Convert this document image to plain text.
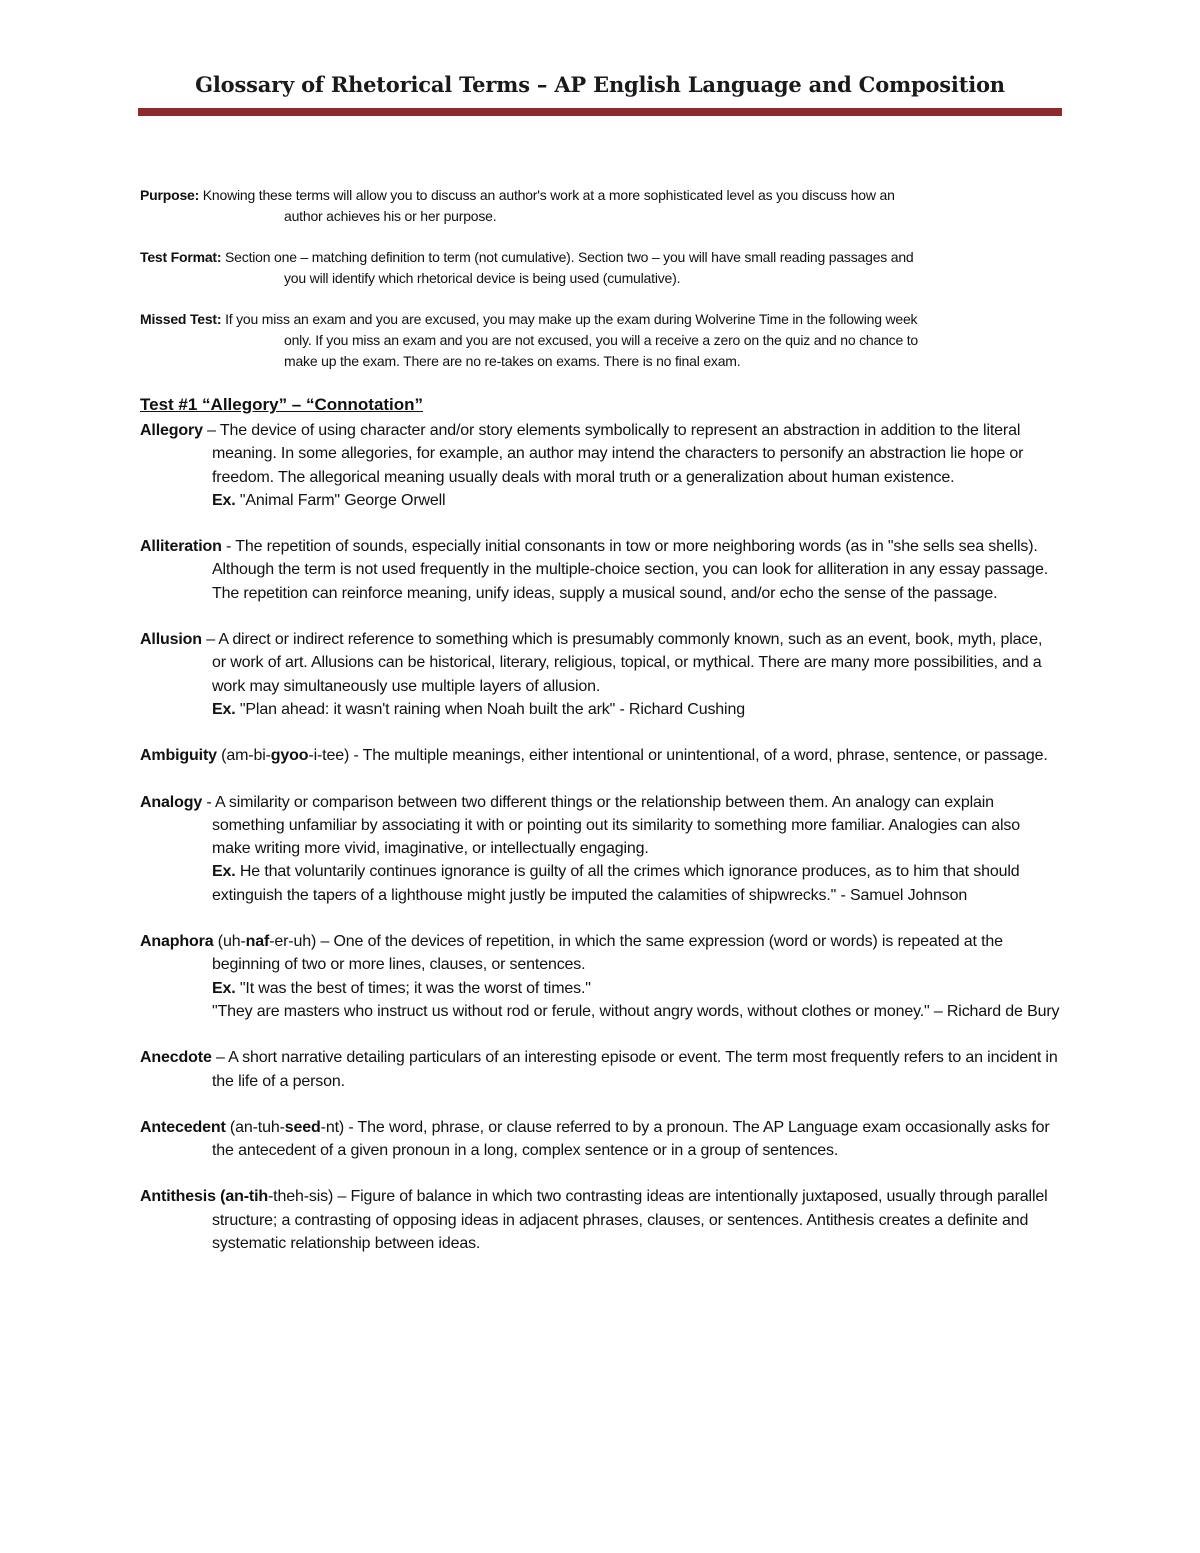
Glossary of Rhetorical Terms – AP English Language and Composition
Purpose: Knowing these terms will allow you to discuss an author's work at a more sophisticated level as you discuss how an
author achieves his or her purpose.
Test Format: Section one – matching definition to term (not cumulative). Section two – you will have small reading passages and
you will identify which rhetorical device is being used (cumulative).
Missed Test: If you miss an exam and you are excused, you may make up the exam during Wolverine Time in the following week
only. If you miss an exam and you are not excused, you will a receive a zero on the quiz and no chance to
make up the exam. There are no re-takes on exams. There is no final exam.
Test #1 “Allegory” – “Connotation”
Allegory – The device of using character and/or story elements symbolically to represent an abstraction in addition to the literal meaning. In some allegories, for example, an author may intend the characters to personify an abstraction lie hope or freedom. The allegorical meaning usually deals with moral truth or a generalization about human existence.
Ex. "Animal Farm" George Orwell
Alliteration - The repetition of sounds, especially initial consonants in tow or more neighboring words (as in "she sells sea shells). Although the term is not used frequently in the multiple-choice section, you can look for alliteration in any essay passage. The repetition can reinforce meaning, unify ideas, supply a musical sound, and/or echo the sense of the passage.
Allusion – A direct or indirect reference to something which is presumably commonly known, such as an event, book, myth, place, or work of art. Allusions can be historical, literary, religious, topical, or mythical. There are many more possibilities, and a work may simultaneously use multiple layers of allusion.
Ex. "Plan ahead: it wasn't raining when Noah built the ark" - Richard Cushing
Ambiguity (am-bi-gyoo-i-tee) - The multiple meanings, either intentional or unintentional, of a word, phrase, sentence, or passage.
Analogy - A similarity or comparison between two different things or the relationship between them. An analogy can explain something unfamiliar by associating it with or pointing out its similarity to something more familiar. Analogies can also make writing more vivid, imaginative, or intellectually engaging.
Ex. He that voluntarily continues ignorance is guilty of all the crimes which ignorance produces, as to him that should extinguish the tapers of a lighthouse might justly be imputed the calamities of shipwrecks." - Samuel Johnson
Anaphora (uh-naf-er-uh) – One of the devices of repetition, in which the same expression (word or words) is repeated at the beginning of two or more lines, clauses, or sentences.
Ex. "It was the best of times; it was the worst of times."
"They are masters who instruct us without rod or ferule, without angry words, without clothes or money." – Richard de Bury
Anecdote – A short narrative detailing particulars of an interesting episode or event. The term most frequently refers to an incident in the life of a person.
Antecedent (an-tuh-seed-nt) - The word, phrase, or clause referred to by a pronoun. The AP Language exam occasionally asks for the antecedent of a given pronoun in a long, complex sentence or in a group of sentences.
Antithesis (an-tih-theh-sis) – Figure of balance in which two contrasting ideas are intentionally juxtaposed, usually through parallel structure; a contrasting of opposing ideas in adjacent phrases, clauses, or sentences. Antithesis creates a definite and systematic relationship between ideas.
